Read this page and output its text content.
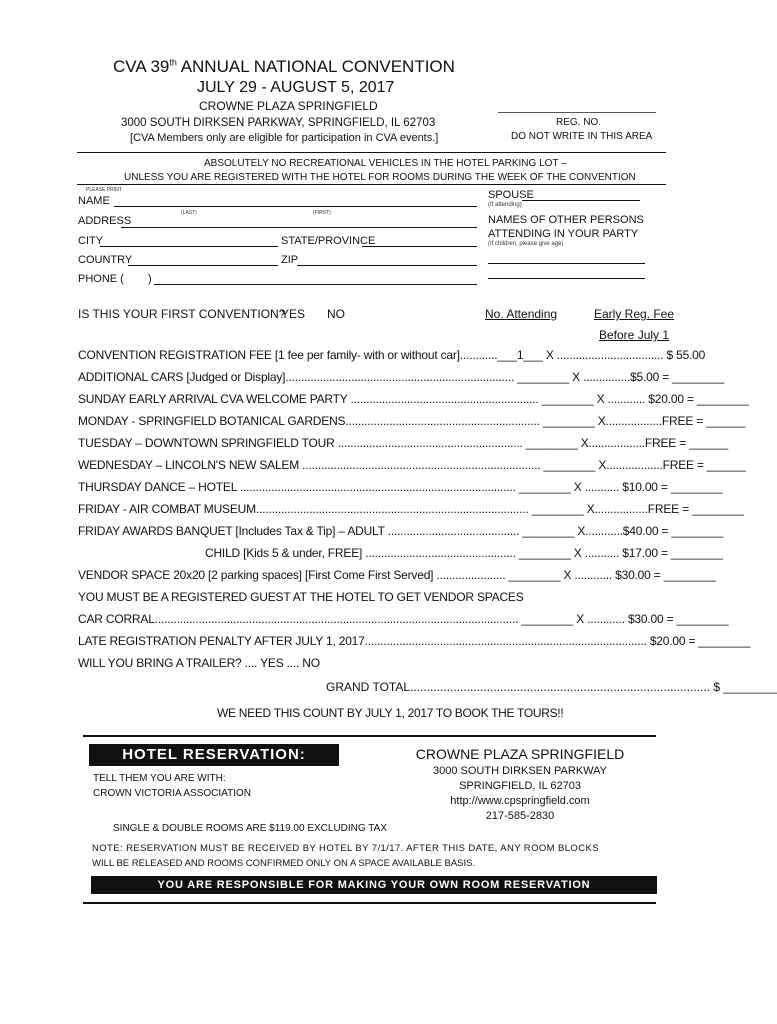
CVA 39th ANNUAL NATIONAL CONVENTION
JULY 29 - AUGUST 5, 2017
CROWNE PLAZA SPRINGFIELD
3000 SOUTH DIRKSEN PARKWAY, SPRINGFIELD, IL 62703
[CVA Members only are eligible for participation in CVA events.]
REG. NO.
DO NOT WRITE IN THIS AREA
ABSOLUTELY NO RECREATIONAL VEHICLES IN THE HOTEL PARKING LOT –
UNLESS YOU ARE REGISTERED WITH THE HOTEL FOR ROOMS DURING THE WEEK OF THE CONVENTION
PLEASE PRINT
NAME
(LAST)	(FIRST)
ADDRESS
CITY	STATE/PROVINCE
COUNTRY	ZIP
PHONE ( )
SPOUSE
(If attending)
NAMES OF OTHER PERSONS
ATTENDING IN YOUR PARTY
(If children, please give age)
IS THIS YOUR FIRST CONVENTION?
YES NO	No. Attending	Early Reg. Fee
Before July 1
CONVENTION REGISTRATION FEE [1 fee per family- with or without car]............___1___ X .................................. $ 55.00
ADDITIONAL CARS [Judged or Display]......................................................................... ________ X ...............$5.00 = ________
SUNDAY EARLY ARRIVAL CVA WELCOME PARTY ............................................................ ________ X ............ $20.00 = ________
MONDAY - SPRINGFIELD BOTANICAL GARDENS.............................................................. ________ X..................FREE = ______
TUESDAY – DOWNTOWN SPRINGFIELD TOUR ........................................................... ________ X..................FREE = ______
WEDNESDAY – LINCOLN'S NEW SALEM ............................................................................ ________ X..................FREE = ______
THURSDAY DANCE – HOTEL ........................................................................................ ________ X ........... $10.00 = ________
FRIDAY - AIR COMBAT MUSEUM....................................................................................... ________ X.................FREE = ________
FRIDAY AWARDS BANQUET [Includes Tax & Tip] – ADULT .......................................... ________ X............$40.00 = ________
CHILD [Kids 5 & under, FREE] ................................................ ________ X ........... $17.00 = ________
VENDOR SPACE 20x20 [2 parking spaces] [First Come First Served] ...................... ________ X ............ $30.00 = ________
YOU MUST BE A REGISTERED GUEST AT THE HOTEL TO GET VENDOR SPACES
CAR CORRAL.................................................................................................................... ________ X ............ $30.00 = ________
LATE REGISTRATION PENALTY AFTER JULY 1, 2017.......................................................................................... $20.00 = ________
WILL YOU BRING A TRAILER? .... YES .... NO
GRAND TOTAL.......................................................................................... $ ________
WE NEED THIS COUNT BY JULY 1, 2017 TO BOOK THE TOURS!!
HOTEL RESERVATION:
TELL THEM YOU ARE WITH:
CROWN VICTORIA ASSOCIATION
CROWNE PLAZA SPRINGFIELD
3000 SOUTH DIRKSEN PARKWAY
SPRINGFIELD, IL 62703
http://www.cpspringfield.com
217-585-2830
SINGLE & DOUBLE ROOMS ARE $119.00 EXCLUDING TAX
NOTE: RESERVATION MUST BE RECEIVED BY HOTEL BY 7/1/17. AFTER THIS DATE, ANY ROOM BLOCKS
WILL BE RELEASED AND ROOMS CONFIRMED ONLY ON A SPACE AVAILABLE BASIS.
YOU ARE RESPONSIBLE FOR MAKING YOUR OWN ROOM RESERVATION
